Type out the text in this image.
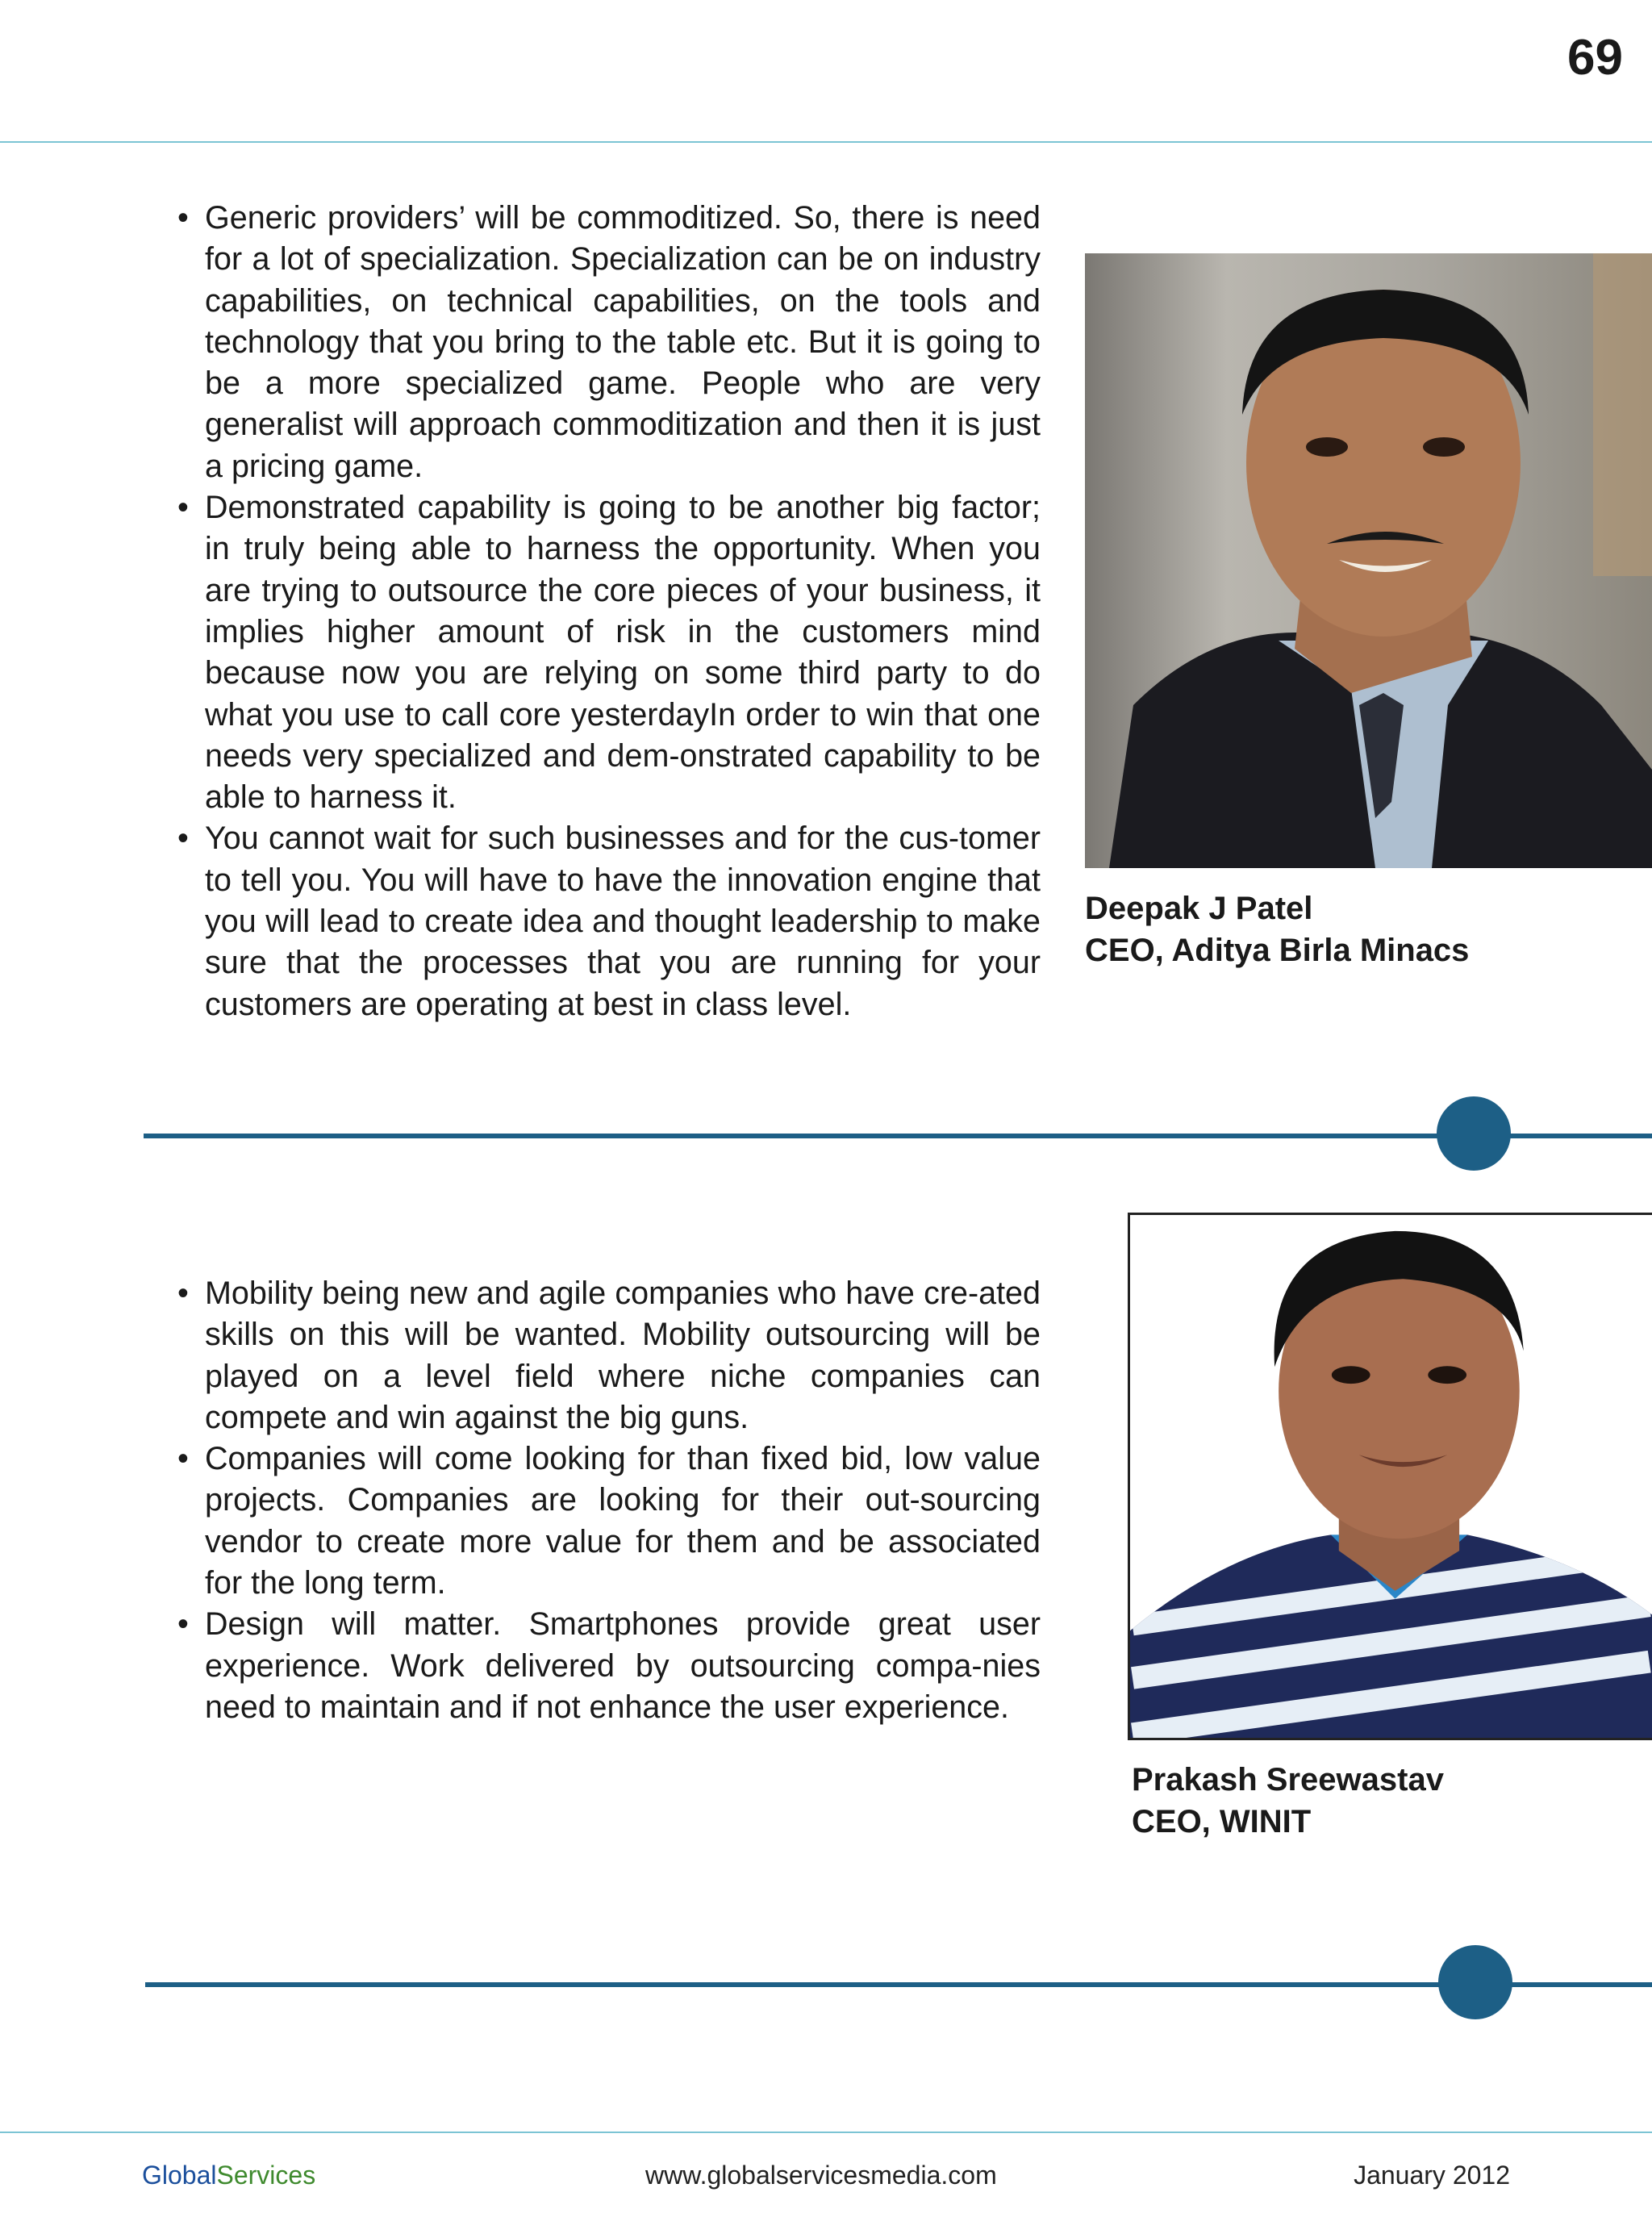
69
• Generic providers’ will be commoditized. So, there is need for a lot of specialization. Specialization can be on industry capabilities, on technical capabilities, on the tools and technology that you bring to the table etc. But it is going to be a more specialized game. People who are very generalist will approach commoditization and then it is just a pricing game.
• Demonstrated capability is going to be another big factor; in truly being able to harness the opportunity. When you are trying to outsource the core pieces of your business, it implies higher amount of risk in the customers mind because now you are relying on some third party to do what you use to call core yesterdayIn order to win that one needs very specialized and dem-onstrated capability to be able to harness it.
• You cannot wait for such businesses and for the cus-tomer to tell you. You will have to have the innovation engine that you will lead to create idea and thought leadership to make sure that the processes that you are running for your customers are operating at best in class level.
Deepak J Patel
CEO, Aditya Birla Minacs
• Mobility being new and agile companies who have cre-ated skills on this will be wanted. Mobility outsourcing will be played on a level field where niche companies can compete and win against the big guns.
• Companies will come looking for than fixed bid, low value projects. Companies are looking for their out-sourcing vendor to create more value for them and be associated for the long term.
• Design will matter. Smartphones provide great user experience. Work delivered by outsourcing compa-nies need to maintain and if not enhance the user experience.
Prakash Sreewastav
CEO, WINIT
GlobalServices	www.globalservicesmedia.com	January 2012
